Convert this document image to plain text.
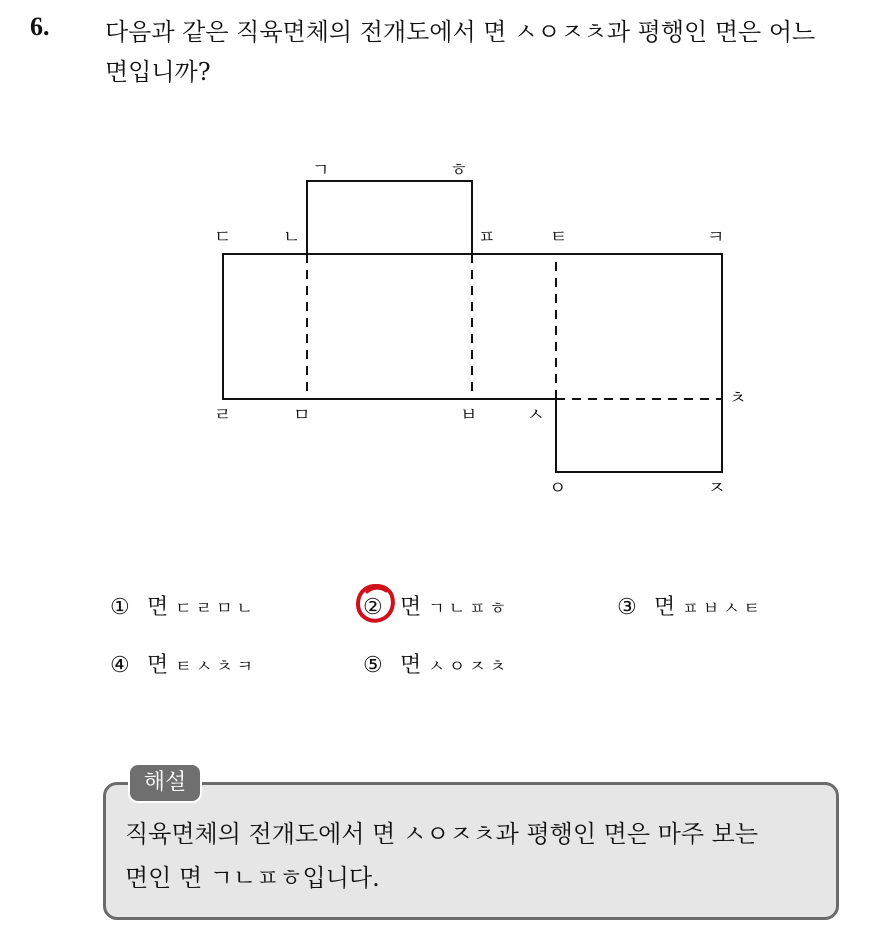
6. 다음과 같은 직육면체의 전개도에서 면 ㅅㅇㅈㅊ과 평행인 면은 어느
면입니까?
ㄱ	ㅎ
ㄷ	ㄴ	ㅍ	ㅌ	ㅋ
ㄹ	ㅁ	ㅂ	ㅅ
ㅊ
ㅇ	ㅈ
① 면 ㄷㄹㅁㄴ	② 면 ㄱㄴㅍㅎ	③ 면 ㅍㅂㅅㅌ
④ 면 ㅌㅅㅊㅋ	⑤ 면 ㅅㅇㅈㅊ
해설
직육면체의 전개도에서 면 ㅅㅇㅈㅊ과 평행인 면은 마주 보는
면인 면 ㄱㄴㅍㅎ입니다.
